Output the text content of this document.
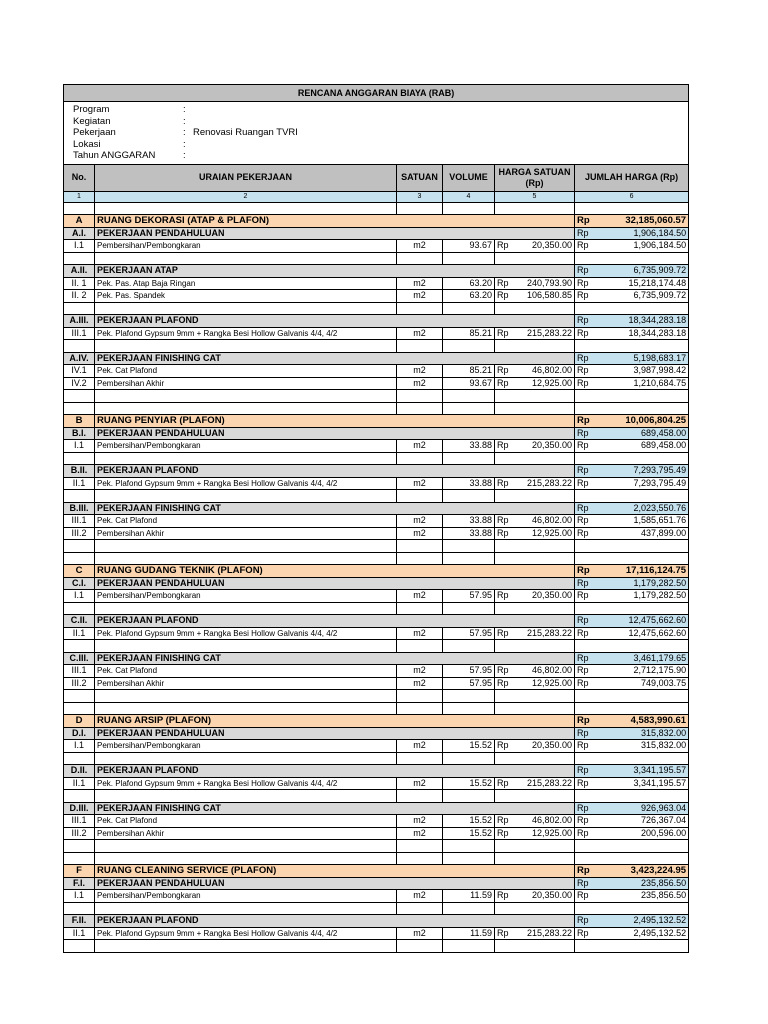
RENCANA ANGGARAN BIAYA (RAB)

Program	:	
Kegiatan	:	
Pekerjaan	:	Renovasi Ruangan TVRI
Lokasi	:	
Tahun ANGGARAN	:	

No.	URAIAN PEKERJAAN	SATUAN	VOLUME	HARGA SATUAN (Rp)	JUMLAH HARGA (Rp)
1	2	3	4	5	6

A	RUANG DEKORASI (ATAP & PLAFON)	Rp	32,185,060.57
A.I.	PEKERJAAN PENDAHULUAN	Rp	1,906,184.50
I.1	Pembersihan/Pembongkaran	m2	93.67	Rp	20,350.00	Rp	1,906,184.50

A.II.	PEKERJAAN ATAP	Rp	6,735,909.72
II. 1	Pek. Pas. Atap Baja Ringan	m2	63.20	Rp	240,793.90	Rp	15,218,174.48
II. 2	Pek. Pas. Spandek	m2	63.20	Rp	106,580.85	Rp	6,735,909.72

A.III.	PEKERJAAN PLAFOND	Rp	18,344,283.18
III.1	Pek. Plafond Gypsum 9mm + Rangka Besi Hollow Galvanis 4/4, 4/2	m2	85.21	Rp	215,283.22	Rp	18,344,283.18

A.IV.	PEKERJAAN FINISHING CAT	Rp	5,198,683.17
IV.1	Pek. Cat Plafond	m2	85.21	Rp	46,802.00	Rp	3,987,998.42
IV.2	Pembersihan Akhir	m2	93.67	Rp	12,925.00	Rp	1,210,684.75

B	RUANG PENYIAR (PLAFON)	Rp	10,006,804.25
B.I.	PEKERJAAN PENDAHULUAN	Rp	689,458.00
I.1	Pembersihan/Pembongkaran	m2	33.88	Rp	20,350.00	Rp	689,458.00

B.II.	PEKERJAAN PLAFOND	Rp	7,293,795.49
II.1	Pek. Plafond Gypsum 9mm + Rangka Besi Hollow Galvanis 4/4, 4/2	m2	33.88	Rp	215,283.22	Rp	7,293,795.49

B.III.	PEKERJAAN FINISHING CAT	Rp	2,023,550.76
III.1	Pek. Cat Plafond	m2	33.88	Rp	46,802.00	Rp	1,585,651.76
III.2	Pembersihan Akhir	m2	33.88	Rp	12,925.00	Rp	437,899.00

C	RUANG GUDANG TEKNIK (PLAFON)	Rp	17,116,124.75
C.I.	PEKERJAAN PENDAHULUAN	Rp	1,179,282.50
I.1	Pembersihan/Pembongkaran	m2	57.95	Rp	20,350.00	Rp	1,179,282.50

C.II.	PEKERJAAN PLAFOND	Rp	12,475,662.60
II.1	Pek. Plafond Gypsum 9mm + Rangka Besi Hollow Galvanis 4/4, 4/2	m2	57.95	Rp	215,283.22	Rp	12,475,662.60

C.III.	PEKERJAAN FINISHING CAT	Rp	3,461,179.65
III.1	Pek. Cat Plafond	m2	57.95	Rp	46,802.00	Rp	2,712,175.90
III.2	Pembersihan Akhir	m2	57.95	Rp	12,925.00	Rp	749,003.75

D	RUANG ARSIP (PLAFON)	Rp	4,583,990.61
D.I.	PEKERJAAN PENDAHULUAN	Rp	315,832.00
I.1	Pembersihan/Pembongkaran	m2	15.52	Rp	20,350.00	Rp	315,832.00

D.II.	PEKERJAAN PLAFOND	Rp	3,341,195.57
II.1	Pek. Plafond Gypsum 9mm + Rangka Besi Hollow Galvanis 4/4, 4/2	m2	15.52	Rp	215,283.22	Rp	3,341,195.57

D.III.	PEKERJAAN FINISHING CAT	Rp	926,963.04
III.1	Pek. Cat Plafond	m2	15.52	Rp	46,802.00	Rp	726,367.04
III.2	Pembersihan Akhir	m2	15.52	Rp	12,925.00	Rp	200,596.00

F	RUANG CLEANING SERVICE (PLAFON)	Rp	3,423,224.95
F.I.	PEKERJAAN PENDAHULUAN	Rp	235,856.50
I.1	Pembersihan/Pembongkaran	m2	11.59	Rp	20,350.00	Rp	235,856.50

F.II.	PEKERJAAN PLAFOND	Rp	2,495,132.52
II.1	Pek. Plafond Gypsum 9mm + Rangka Besi Hollow Galvanis 4/4, 4/2	m2	11.59	Rp	215,283.22	Rp	2,495,132.52
